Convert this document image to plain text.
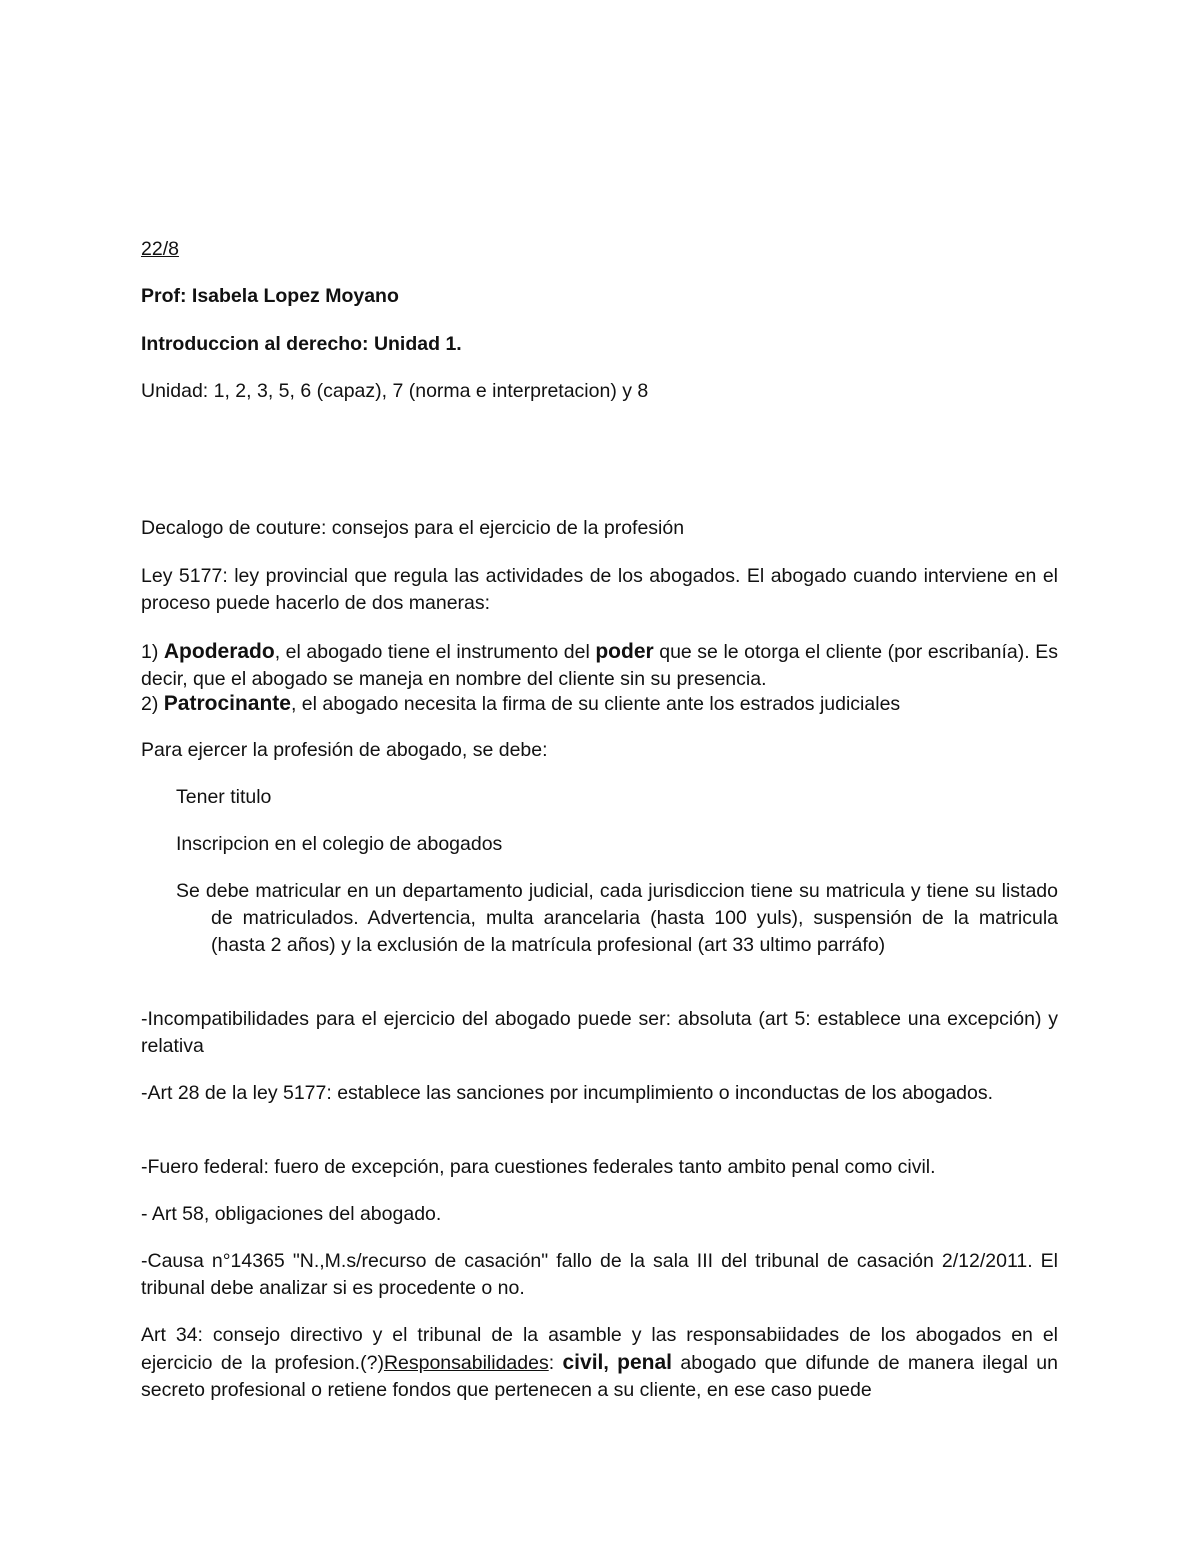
22/8

Prof: Isabela Lopez Moyano

Introduccion al derecho: Unidad 1.

Unidad: 1, 2, 3, 5, 6 (capaz), 7 (norma e interpretacion) y 8

Decalogo de couture: consejos para el ejercicio de la profesión

Ley 5177: ley provincial que regula las actividades de los abogados. El abogado cuando interviene en el proceso puede hacerlo de dos maneras:

1) Apoderado, el abogado tiene el instrumento del poder que se le otorga el cliente (por escribanía). Es decir, que el abogado se maneja en nombre del cliente sin su presencia.

2) Patrocinante, el abogado necesita la firma de su cliente ante los estrados judiciales

Para ejercer la profesión de abogado, se debe:

Tener titulo

Inscripcion en el colegio de abogados

Se debe matricular en un departamento judicial, cada jurisdiccion tiene su matricula y tiene su listado de matriculados. Advertencia, multa arancelaria (hasta 100 yuls), suspensión de la matricula (hasta 2 años) y la exclusión de la matrícula profesional (art 33 ultimo parráfo)

-Incompatibilidades para el ejercicio del abogado puede ser: absoluta (art 5: establece una excepción) y relativa

-Art 28 de la ley 5177: establece las sanciones por incumplimiento o inconductas de los abogados.

-Fuero federal: fuero de excepción, para cuestiones federales tanto ambito penal como civil.

- Art 58, obligaciones del abogado.

-Causa n°14365 "N.,M.s/recurso de casación" fallo de la sala III del tribunal de casación 2/12/2011. El tribunal debe analizar si es procedente o no.

Art 34: consejo directivo y el tribunal de la asamble y las responsabiidades de los abogados en el ejercicio de la profesion.(?)Responsabilidades: civil, penal abogado que difunde de manera ilegal un secreto profesional o retiene fondos que pertenecen a su cliente, en ese caso puede
